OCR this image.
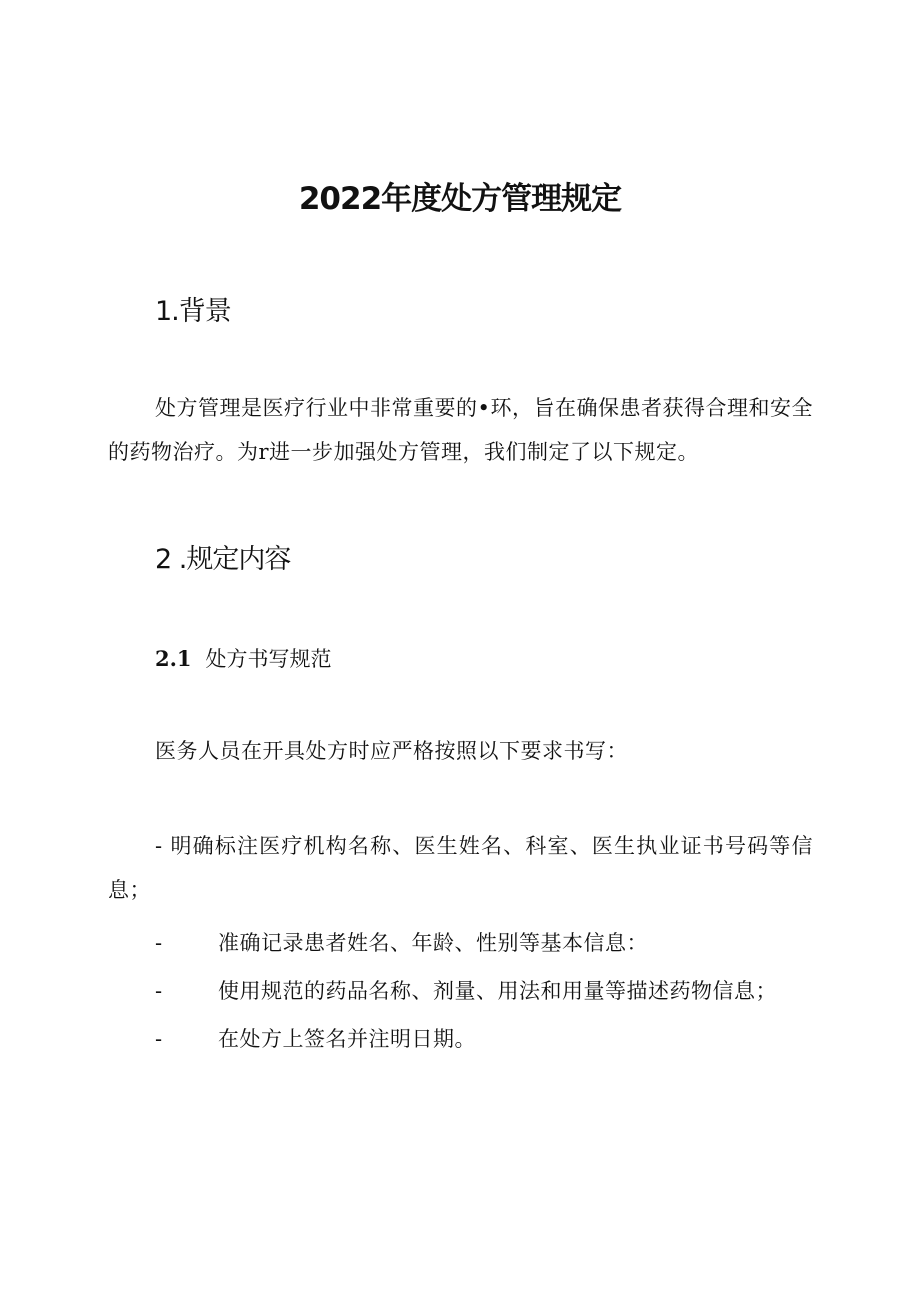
2022年度处方管理规定
1.背景

处方管理是医疗行业中非常重要的•环，旨在确保患者获得合理和安全的药物治疗。为r进一步加强处方管理，我们制定了以下规定。

2 .规定内容
2.1 处方书写规范

医务人员在开具处方时应严格按照以下要求书写：

- 明确标注医疗机构名称、医生姓名、科室、医生执业证书号码等信息；

-	准确记录患者姓名、年龄、性别等基本信息：
-	使用规范的药品名称、剂量、用法和用量等描述药物信息；
-	在处方上签名并注明日期。
